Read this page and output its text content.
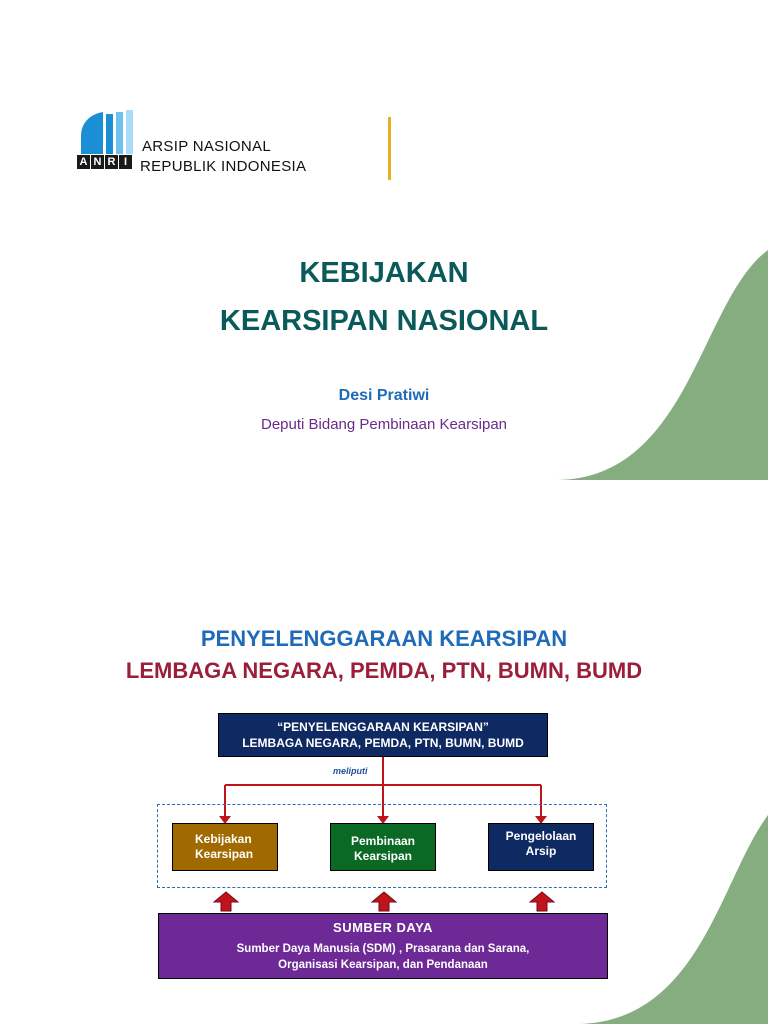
A N R I
ARSIP NASIONAL
REPUBLIK INDONESIA
KEBIJAKAN
KEARSIPAN NASIONAL
Desi Pratiwi
Deputi Bidang Pembinaan Kearsipan
PENYELENGGARAAN KEARSIPAN
LEMBAGA NEGARA, PEMDA, PTN, BUMN, BUMD
“PENYELENGGARAAN KEARSIPAN”
LEMBAGA NEGARA, PEMDA, PTN, BUMN, BUMD
meliputi
Kebijakan
Kearsipan
Pembinaan
Kearsipan
Pengelolaan
Arsip
SUMBER DAYA
Sumber Daya Manusia (SDM) , Prasarana dan Sarana,
Organisasi Kearsipan, dan Pendanaan
